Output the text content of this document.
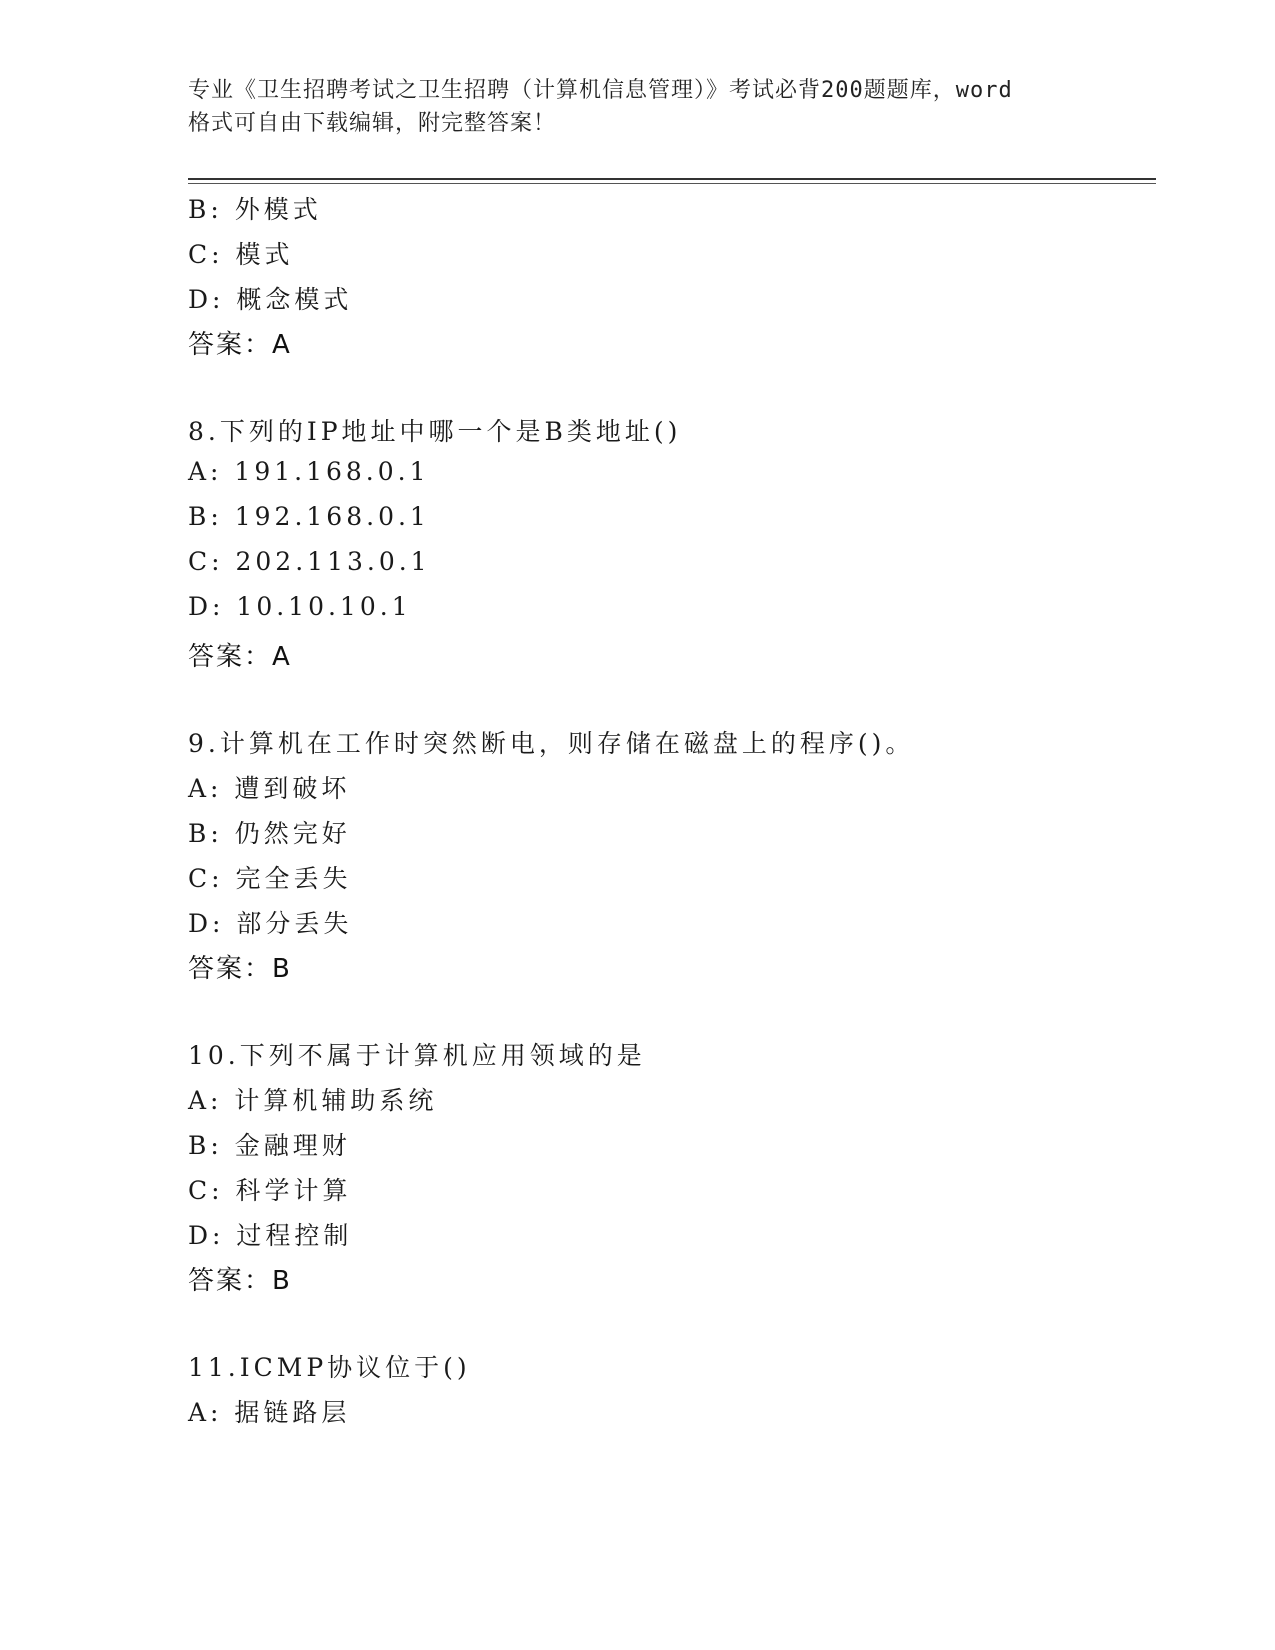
专业《卫生招聘考试之卫生招聘（计算机信息管理）》考试必背200题题库，word
格式可自由下载编辑，附完整答案！
B: 外模式
C: 模式
D: 概念模式
答案：A
8.下列的IP地址中哪一个是B类地址()
A: 191.168.0.1
B: 192.168.0.1
C: 202.113.0.1
D: 10.10.10.1
答案：A
9.计算机在工作时突然断电，则存储在磁盘上的程序()。
A: 遭到破坏
B: 仍然完好
C: 完全丢失
D: 部分丢失
答案：B
10.下列不属于计算机应用领域的是
A: 计算机辅助系统
B: 金融理财
C: 科学计算
D: 过程控制
答案：B
11.ICMP协议位于()
A: 据链路层
